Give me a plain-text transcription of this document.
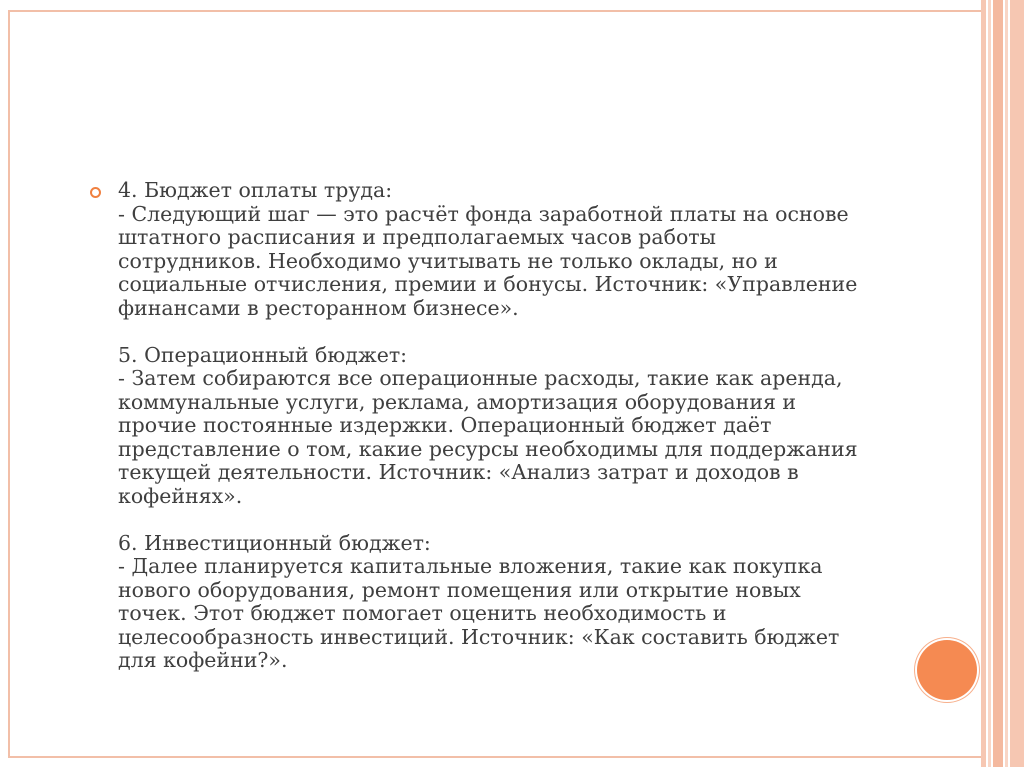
4. Бюджет оплаты труда:

- Следующий шаг — это расчёт фонда заработной платы на основе
штатного расписания и предполагаемых часов работы
сотрудников. Необходимо учитывать не только оклады, но и
социальные отчисления, премии и бонусы. Источник: «Управление
финансами в ресторанном бизнесе».

5. Операционный бюджет:

- Затем собираются все операционные расходы, такие как аренда,
коммунальные услуги, реклама, амортизация оборудования и
прочие постоянные издержки. Операционный бюджет даёт
представление о том, какие ресурсы необходимы для поддержания
текущей деятельности. Источник: «Анализ затрат и доходов в
кофейнях».

6. Инвестиционный бюджет:

- Далее планируется капитальные вложения, такие как покупка
нового оборудования, ремонт помещения или открытие новых
точек. Этот бюджет помогает оценить необходимость и
целесообразность инвестиций. Источник: «Как составить бюджет
для кофейни?».
